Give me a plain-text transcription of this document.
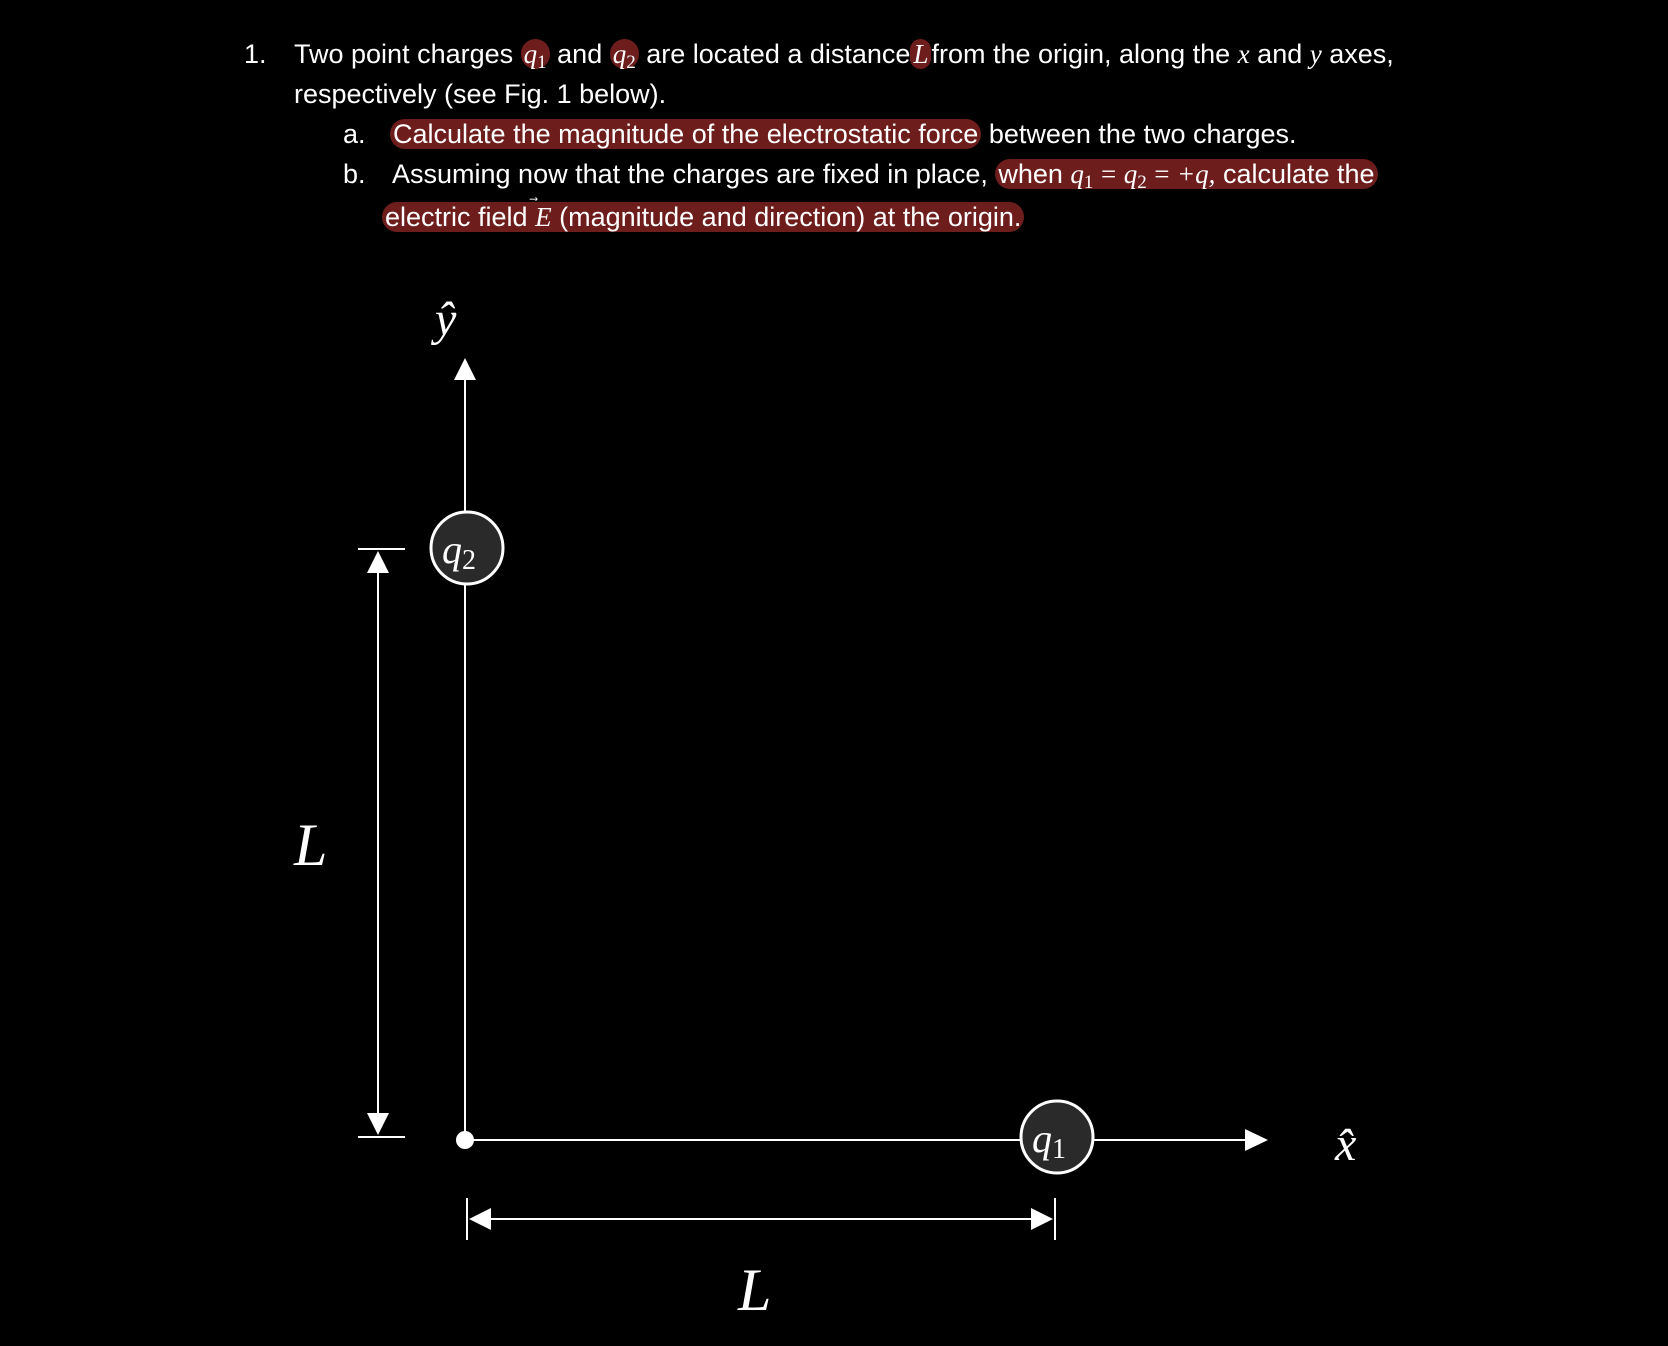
1. Two point charges $q_1$ and $q_2$ are located a distance L from the origin, along the x and y axes,
respectively (see Fig. 1 below).
a. Calculate the magnitude of the electrostatic force between the two charges.
b. Assuming now that the charges are fixed in place, when $q_1 = q_2 = +q$, calculate the
electric field E (magnitude and direction) at the origin.
q2
q1
ŷ
x̂
L
L
